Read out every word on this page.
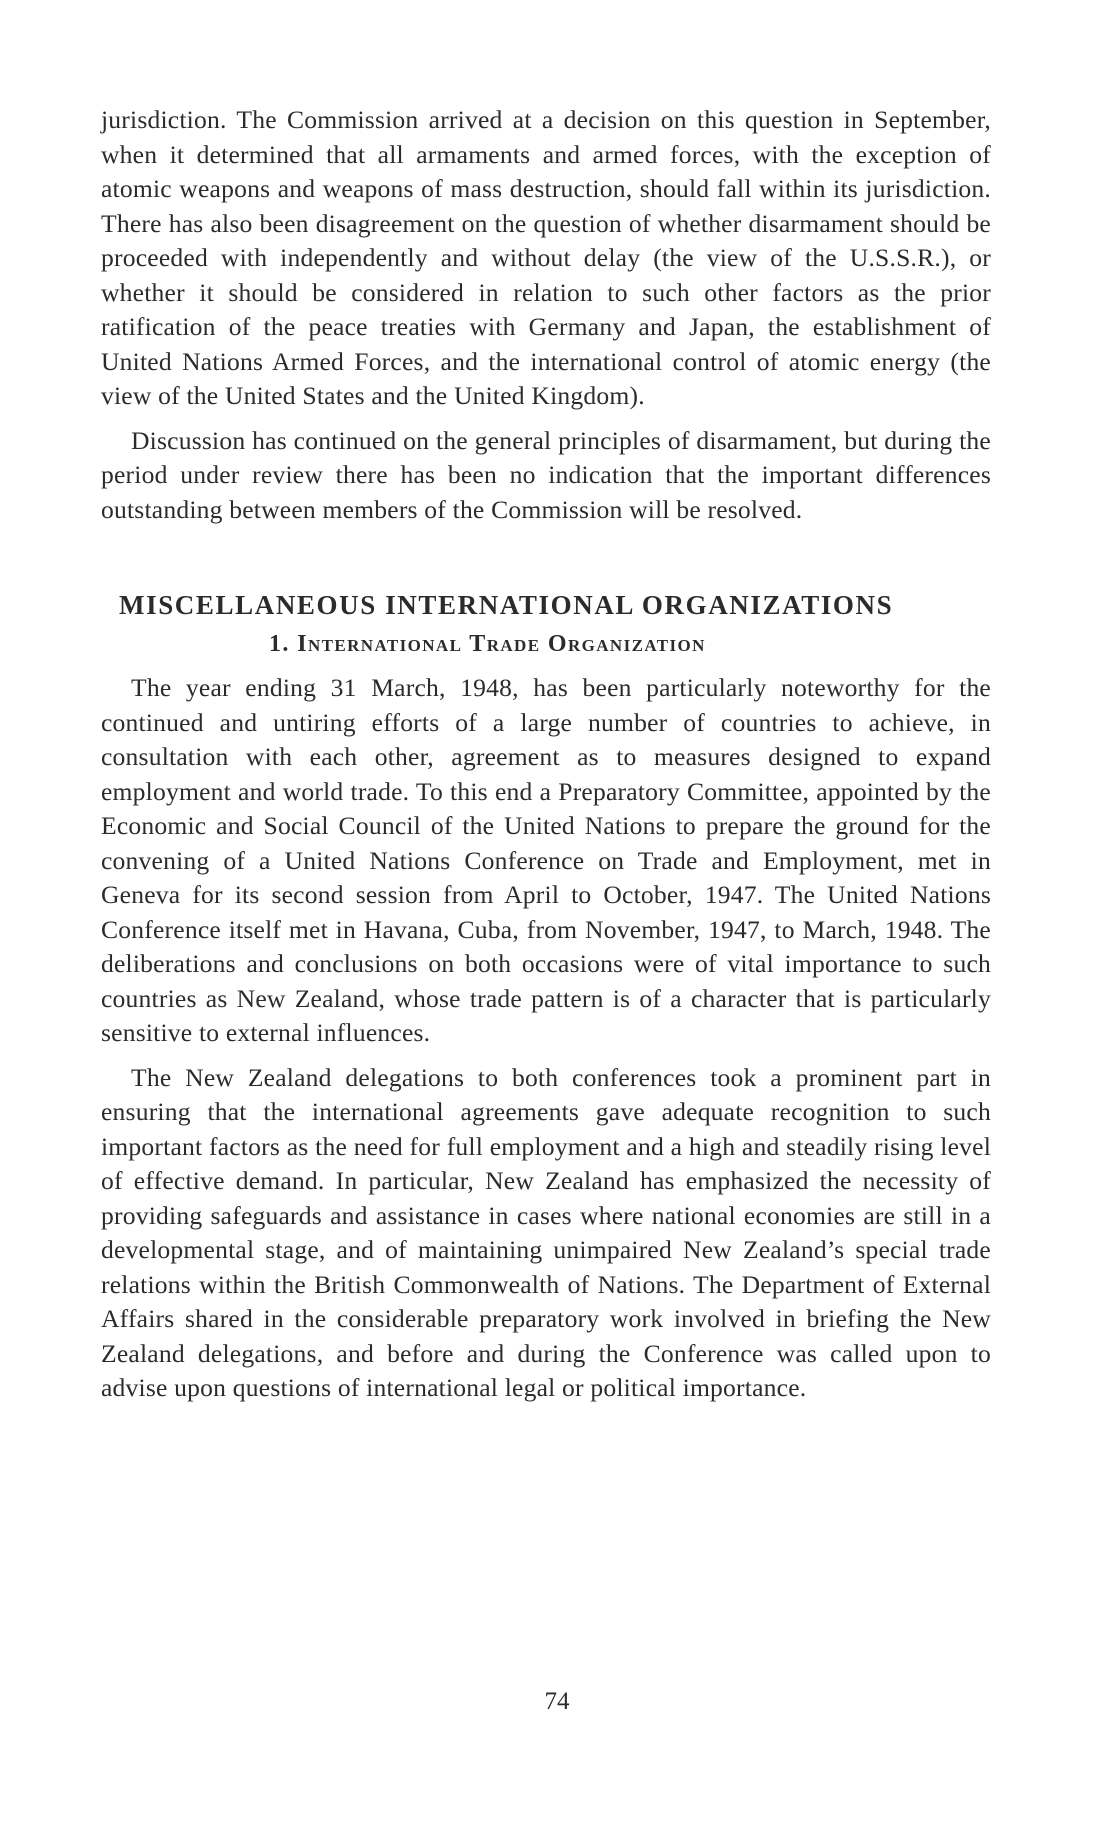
jurisdiction. The Commission arrived at a decision on this question in September, when it determined that all armaments and armed forces, with the exception of atomic weapons and weapons of mass destruction, should fall within its jurisdiction. There has also been disagreement on the question of whether disarmament should be proceeded with independently and without delay (the view of the U.S.S.R.), or whether it should be considered in relation to such other factors as the prior ratification of the peace treaties with Germany and Japan, the establishment of United Nations Armed Forces, and the international control of atomic energy (the view of the United States and the United Kingdom).

Discussion has continued on the general principles of disarmament, but during the period under review there has been no indication that the important differences outstanding between members of the Commission will be resolved.

MISCELLANEOUS INTERNATIONAL ORGANIZATIONS
1. International Trade Organization

The year ending 31 March, 1948, has been particularly noteworthy for the continued and untiring efforts of a large number of countries to achieve, in consultation with each other, agreement as to measures designed to expand employment and world trade. To this end a Preparatory Committee, appointed by the Economic and Social Council of the United Nations to prepare the ground for the convening of a United Nations Conference on Trade and Employment, met in Geneva for its second session from April to October, 1947. The United Nations Conference itself met in Havana, Cuba, from November, 1947, to March, 1948. The deliberations and conclusions on both occasions were of vital importance to such countries as New Zealand, whose trade pattern is of a character that is particularly sensitive to external influences.

The New Zealand delegations to both conferences took a prominent part in ensuring that the international agreements gave adequate recognition to such important factors as the need for full employment and a high and steadily rising level of effective demand. In particular, New Zealand has emphasized the necessity of providing safeguards and assistance in cases where national economies are still in a developmental stage, and of maintaining unimpaired New Zealand’s special trade relations within the British Commonwealth of Nations. The Department of External Affairs shared in the considerable preparatory work involved in briefing the New Zealand delegations, and before and during the Conference was called upon to advise upon questions of international legal or political importance.

74
